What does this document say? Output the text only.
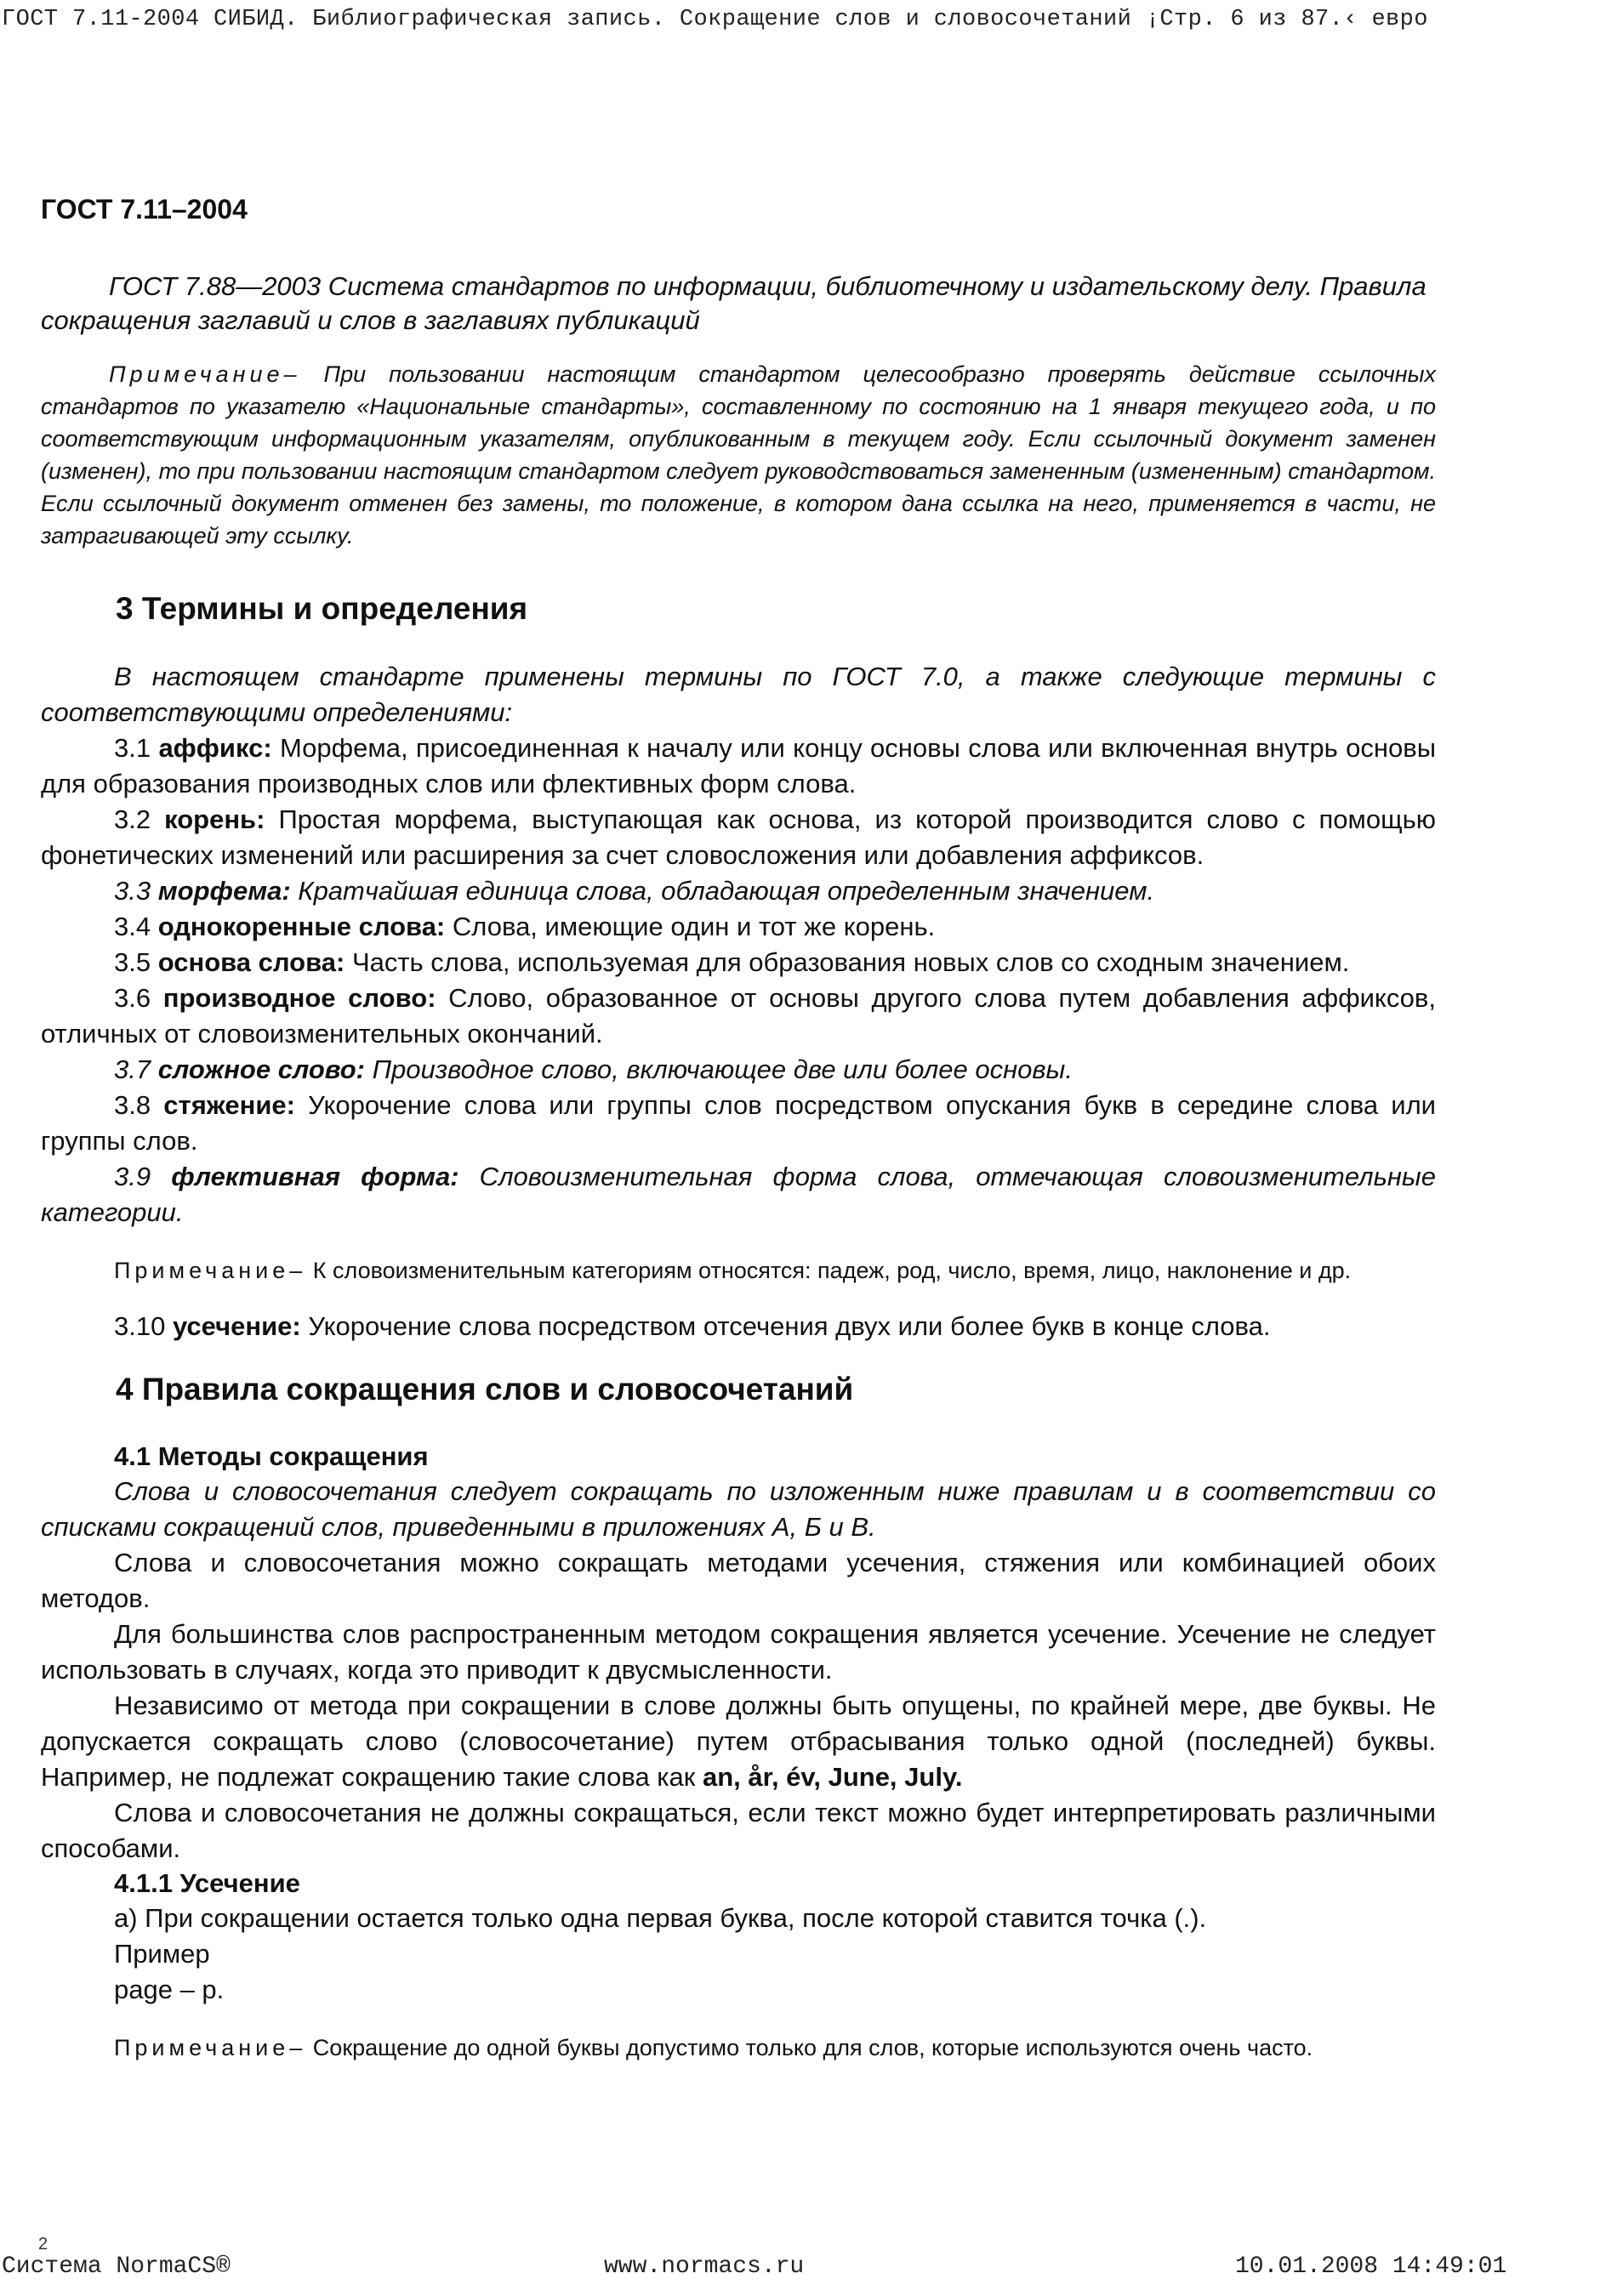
ГОСТ 7.11-2004 СИБИД. Библиографическая запись. Сокращение слов и словосочетаний ¡Стр. 6 из 87.‹ евро
ГОСТ 7.11–2004

ГОСТ 7.88—2003 Система стандартов по информации, библиотечному и издательскому делу. Правила сокращения заглавий и слов в заглавиях публикаций

Примечание– При пользовании настоящим стандартом целесообразно проверять действие ссылочных стандартов по указателю «Национальные стандарты», составленному по состоянию на 1 января текущего года, и по соответствующим информационным указателям, опубликованным в текущем году. Если ссылочный документ заменен (изменен), то при пользовании настоящим стандартом следует руководствоваться замененным (измененным) стандартом. Если ссылочный документ отменен без замены, то положение, в котором дана ссылка на него, применяется в части, не затрагивающей эту ссылку.

3 Термины и определения

В настоящем стандарте применены термины по ГОСТ 7.0, а также следующие термины с соответствующими определениями:

3.1 аффикс: Морфема, присоединенная к началу или концу основы слова или включенная внутрь основы для образования производных слов или флективных форм слова.

3.2 корень: Простая морфема, выступающая как основа, из которой производится слово с помощью фонетических изменений или расширения за счет словосложения или добавления аффиксов.

3.3 морфема: Кратчайшая единица слова, обладающая определенным значением.

3.4 однокоренные слова: Слова, имеющие один и тот же корень.

3.5 основа слова: Часть слова, используемая для образования новых слов со сходным значением.

3.6 производное слово: Слово, образованное от основы другого слова путем добавления аффиксов, отличных от словоизменительных окончаний.

3.7 сложное слово: Производное слово, включающее две или более основы.

3.8 стяжение: Укорочение слова или группы слов посредством опускания букв в середине слова или группы слов.

3.9 флективная форма: Словоизменительная форма слова, отмечающая словоизменительные категории.

Примечание– К словоизменительным категориям относятся: падеж, род, число, время, лицо, наклонение и др.

3.10 усечение: Укорочение слова посредством отсечения двух или более букв в конце слова.

4 Правила сокращения слов и словосочетаний
4.1 Методы сокращения

Слова и словосочетания следует сокращать по изложенным ниже правилам и в соответствии со списками сокращений слов, приведенными в приложениях А, Б и В.

Слова и словосочетания можно сокращать методами усечения, стяжения или комбинацией обоих методов.

Для большинства слов распространенным методом сокращения является усечение. Усечение не следует использовать в случаях, когда это приводит к двусмысленности.

Независимо от метода при сокращении в слове должны быть опущены, по крайней мере, две буквы. Не допускается сокращать слово (словосочетание) путем отбрасывания только одной (последней) буквы. Например, не подлежат сокращению такие слова как an, år, év, June, July.

Слова и словосочетания не должны сокращаться, если текст можно будет интерпретировать различными способами.

4.1.1 Усечение

а) При сокращении остается только одна первая буква, после которой ставится точка (.).

Пример

page – p.

Примечание– Сокращение до одной буквы допустимо только для слов, которые используются очень часто.

2
Система NormaCS®	www.normacs.ru	10.01.2008 14:49:01
